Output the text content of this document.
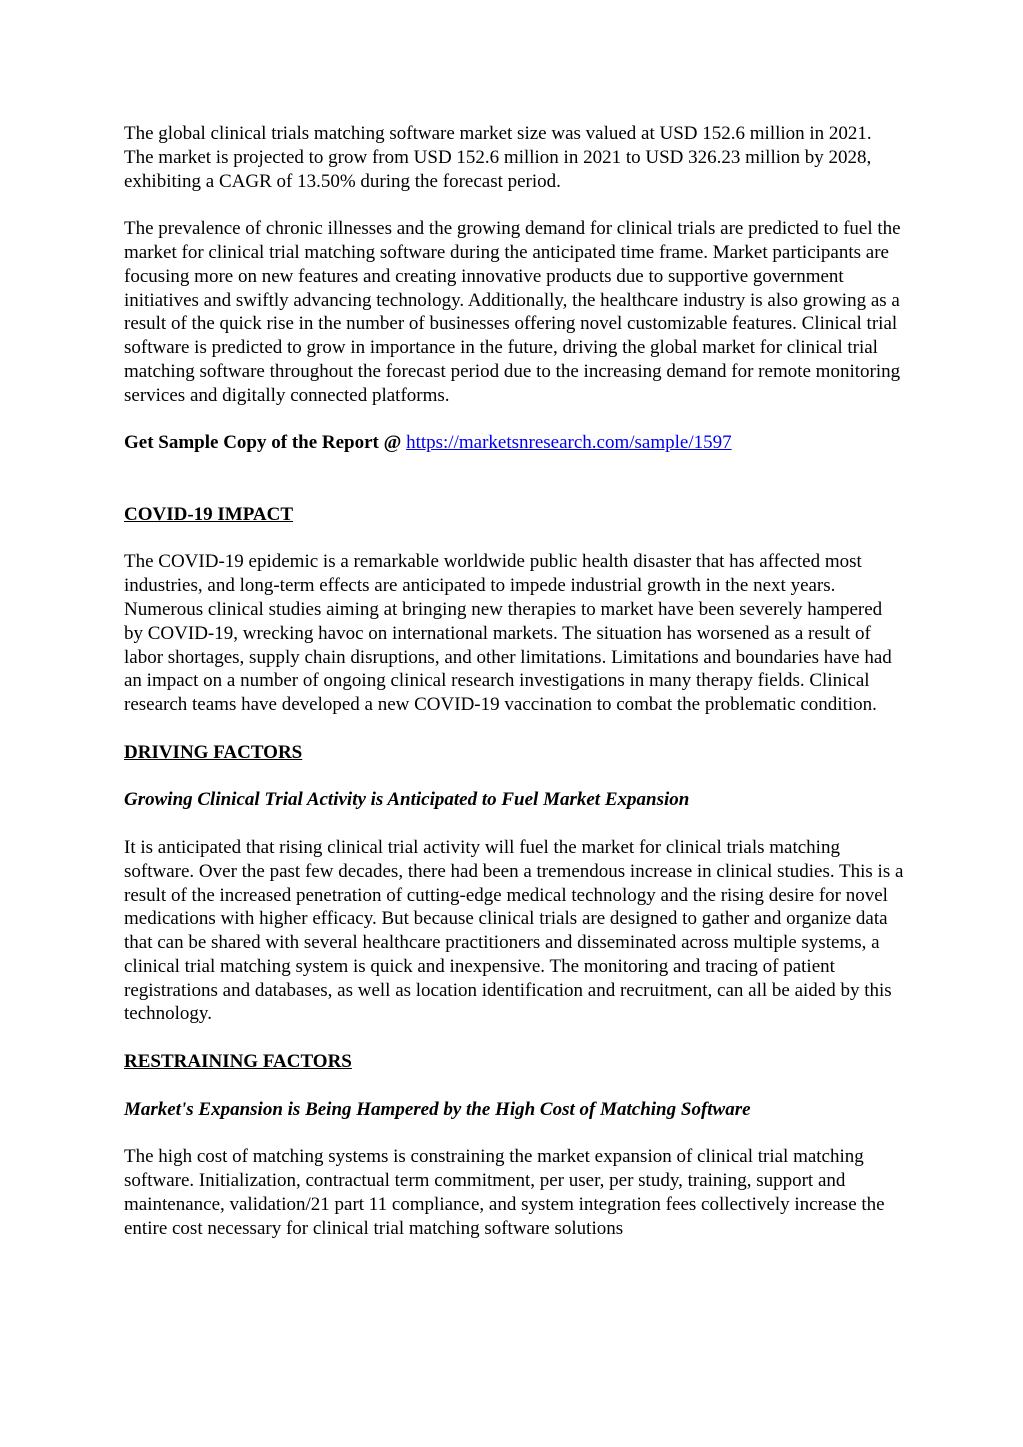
The global clinical trials matching software market size was valued at USD 152.6 million in 2021. The market is projected to grow from USD 152.6 million in 2021 to USD 326.23 million by 2028, exhibiting a CAGR of 13.50% during the forecast period.

The prevalence of chronic illnesses and the growing demand for clinical trials are predicted to fuel the market for clinical trial matching software during the anticipated time frame. Market participants are focusing more on new features and creating innovative products due to supportive government initiatives and swiftly advancing technology. Additionally, the healthcare industry is also growing as a result of the quick rise in the number of businesses offering novel customizable features. Clinical trial software is predicted to grow in importance in the future, driving the global market for clinical trial matching software throughout the forecast period due to the increasing demand for remote monitoring services and digitally connected platforms.

Get Sample Copy of the Report @ https://marketsnresearch.com/sample/1597

COVID-19 IMPACT

The COVID-19 epidemic is a remarkable worldwide public health disaster that has affected most industries, and long-term effects are anticipated to impede industrial growth in the next years. Numerous clinical studies aiming at bringing new therapies to market have been severely hampered by COVID-19, wrecking havoc on international markets. The situation has worsened as a result of labor shortages, supply chain disruptions, and other limitations. Limitations and boundaries have had an impact on a number of ongoing clinical research investigations in many therapy fields. Clinical research teams have developed a new COVID-19 vaccination to combat the problematic condition.

DRIVING FACTORS
Growing Clinical Trial Activity is Anticipated to Fuel Market Expansion

It is anticipated that rising clinical trial activity will fuel the market for clinical trials matching software. Over the past few decades, there had been a tremendous increase in clinical studies. This is a result of the increased penetration of cutting-edge medical technology and the rising desire for novel medications with higher efficacy. But because clinical trials are designed to gather and organize data that can be shared with several healthcare practitioners and disseminated across multiple systems, a clinical trial matching system is quick and inexpensive. The monitoring and tracing of patient registrations and databases, as well as location identification and recruitment, can all be aided by this technology.

RESTRAINING FACTORS
Market's Expansion is Being Hampered by the High Cost of Matching Software

The high cost of matching systems is constraining the market expansion of clinical trial matching software. Initialization, contractual term commitment, per user, per study, training, support and maintenance, validation/21 part 11 compliance, and system integration fees collectively increase the entire cost necessary for clinical trial matching software solutions
